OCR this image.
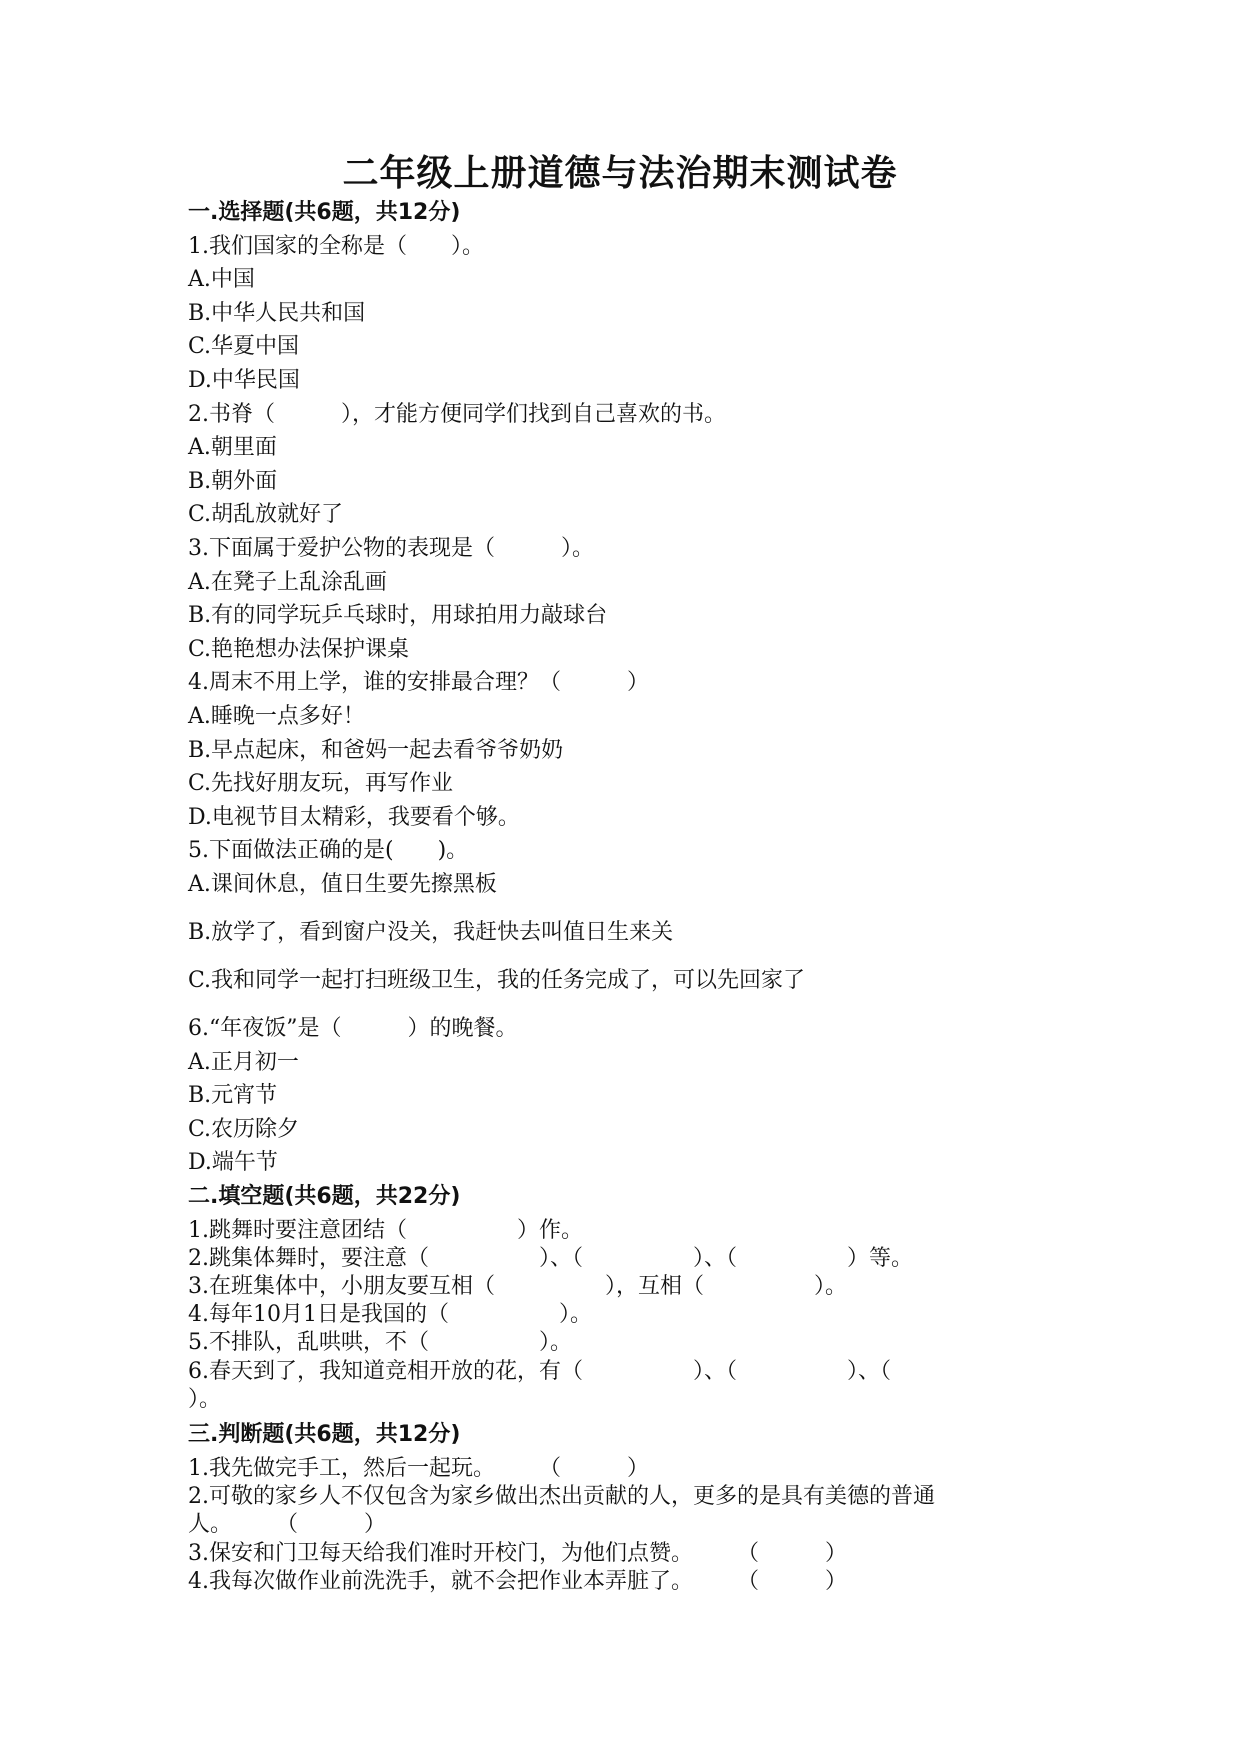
二年级上册道德与法治期末测试卷
一.选择题(共6题，共12分)
1.我们国家的全称是（　　）。
A.中国
B.中华人民共和国
C.华夏中国
D.中华民国
2.书脊（　　　），才能方便同学们找到自己喜欢的书。
A.朝里面
B.朝外面
C.胡乱放就好了
3.下面属于爱护公物的表现是（　　　）。
A.在凳子上乱涂乱画
B.有的同学玩乒乓球时，用球拍用力敲球台
C.艳艳想办法保护课桌
4.周末不用上学，谁的安排最合理？（　　　）
A.睡晚一点多好！
B.早点起床，和爸妈一起去看爷爷奶奶
C.先找好朋友玩，再写作业
D.电视节目太精彩，我要看个够。
5.下面做法正确的是(　　)。
A.课间休息，值日生要先擦黑板
B.放学了，看到窗户没关，我赶快去叫值日生来关
C.我和同学一起打扫班级卫生，我的任务完成了，可以先回家了
6.“年夜饭”是（　　　）的晚餐。
A.正月初一
B.元宵节
C.农历除夕
D.端午节
二.填空题(共6题，共22分)
1.跳舞时要注意团结（　　　　　）作。
2.跳集体舞时，要注意（　　　　　）、（　　　　　）、（　　　　　）等。
3.在班集体中，小朋友要互相（　　　　　），互相（　　　　　）。
4.每年10月1日是我国的（　　　　　）。
5.不排队，乱哄哄，不（　　　　　）。
6.春天到了，我知道竞相开放的花，有（　　　　　）、（　　　　　）、（
）。
三.判断题(共6题，共12分)
1.我先做完手工，然后一起玩。　　　（　　　）
2.可敬的家乡人不仅包含为家乡做出杰出贡献的人，更多的是具有美德的普通
人。　　　（　　　）
3.保安和门卫每天给我们准时开校门，为他们点赞。　　　（　　　）
4.我每次做作业前洗洗手，就不会把作业本弄脏了。　　　（　　　）
